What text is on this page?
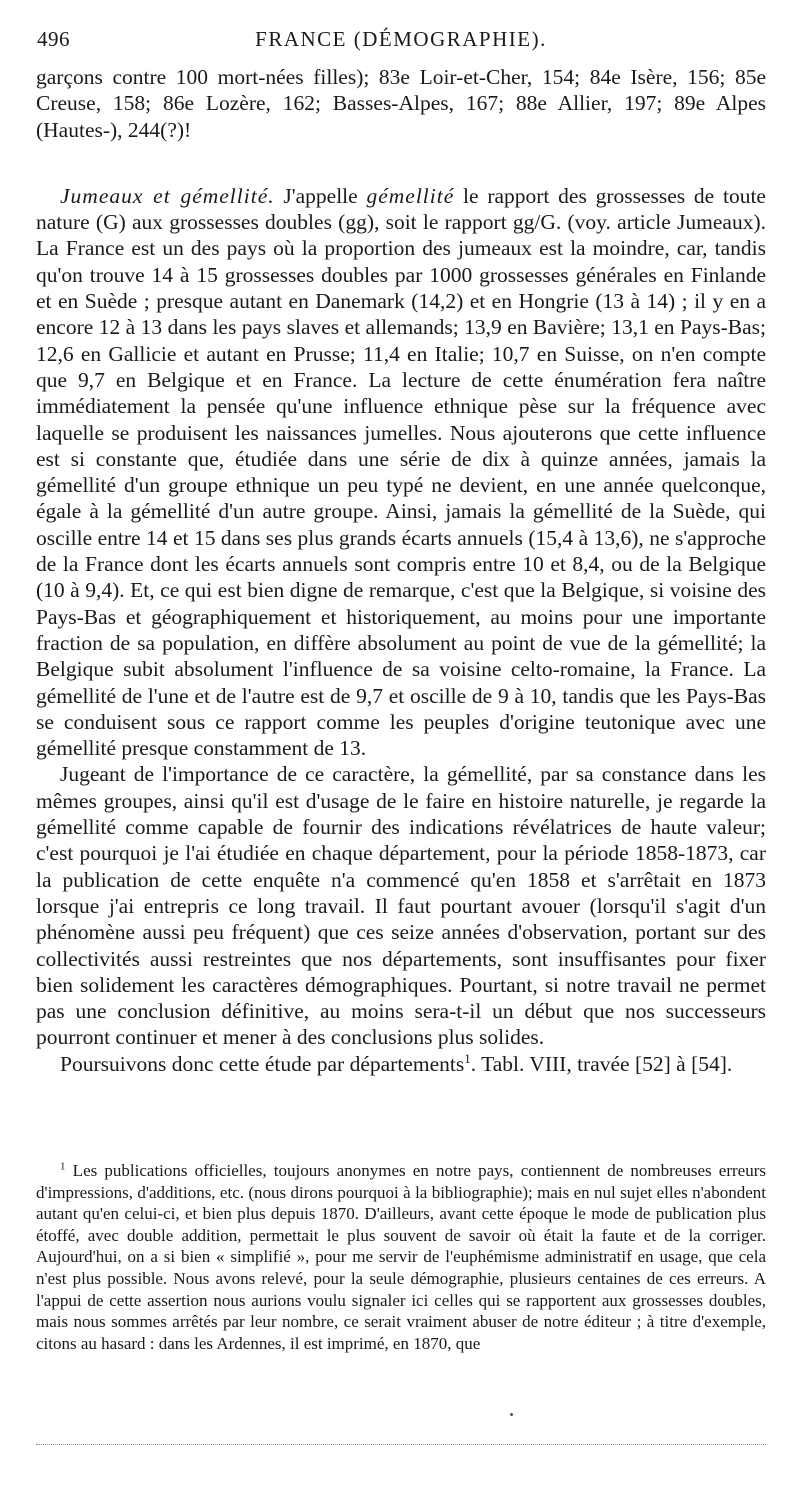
496	FRANCE (DÉMOGRAPHIE).

garçons contre 100 mort-nées filles); 83e Loir-et-Cher, 154; 84e Isère, 156; 85e Creuse, 158; 86e Lozère, 162; Basses-Alpes, 167; 88e Allier, 197; 89e Alpes (Hautes-), 244(?)!

Jumeaux et gémellité. J'appelle gémellité le rapport des grossesses de toute nature (G) aux grossesses doubles (gg), soit le rapport gg/G. (voy. article Jumeaux). La France est un des pays où la proportion des jumeaux est la moindre, car, tandis qu'on trouve 14 à 15 grossesses doubles par 1000 grossesses générales en Finlande et en Suède ; presque autant en Danemark (14,2) et en Hongrie (13 à 14) ; il y en a encore 12 à 13 dans les pays slaves et allemands; 13,9 en Bavière; 13,1 en Pays-Bas; 12,6 en Gallicie et autant en Prusse; 11,4 en Italie; 10,7 en Suisse, on n'en compte que 9,7 en Belgique et en France. La lecture de cette énumération fera naître immédiatement la pensée qu'une influence ethnique pèse sur la fréquence avec laquelle se produisent les naissances jumelles. Nous ajouterons que cette influence est si constante que, étudiée dans une série de dix à quinze années, jamais la gémellité d'un groupe ethnique un peu typé ne devient, en une année quelconque, égale à la gémellité d'un autre groupe. Ainsi, jamais la gémellité de la Suède, qui oscille entre 14 et 15 dans ses plus grands écarts annuels (15,4 à 13,6), ne s'approche de la France dont les écarts annuels sont compris entre 10 et 8,4, ou de la Belgique (10 à 9,4). Et, ce qui est bien digne de remarque, c'est que la Belgique, si voisine des Pays-Bas et géographiquement et historiquement, au moins pour une importante fraction de sa population, en diffère absolument au point de vue de la gémellité; la Belgique subit absolument l'influence de sa voisine celto-romaine, la France. La gémellité de l'une et de l'autre est de 9,7 et oscille de 9 à 10, tandis que les Pays-Bas se conduisent sous ce rapport comme les peuples d'origine teutonique avec une gémellité presque constamment de 13.

Jugeant de l'importance de ce caractère, la gémellité, par sa constance dans les mêmes groupes, ainsi qu'il est d'usage de le faire en histoire naturelle, je regarde la gémellité comme capable de fournir des indications révélatrices de haute valeur; c'est pourquoi je l'ai étudiée en chaque département, pour la période 1858-1873, car la publication de cette enquête n'a commencé qu'en 1858 et s'arrêtait en 1873 lorsque j'ai entrepris ce long travail. Il faut pourtant avouer (lorsqu'il s'agit d'un phénomène aussi peu fréquent) que ces seize années d'observation, portant sur des collectivités aussi restreintes que nos départements, sont insuffisantes pour fixer bien solidement les caractères démographiques. Pourtant, si notre travail ne permet pas une conclusion définitive, au moins sera-t-il un début que nos successeurs pourront continuer et mener à des conclusions plus solides.

Poursuivons donc cette étude par départements$^1$. Tabl. VIII, travée [52] à [54].

$^1$ Les publications officielles, toujours anonymes en notre pays, contiennent de nombreuses erreurs d'impressions, d'additions, etc. (nous dirons pourquoi à la bibliographie); mais en nul sujet elles n'abondent autant qu'en celui-ci, et bien plus depuis 1870. D'ailleurs, avant cette époque le mode de publication plus étoffé, avec double addition, permettait le plus souvent de savoir où était la faute et de la corriger. Aujourd'hui, on a si bien « simplifié », pour me servir de l'euphémisme administratif en usage, que cela n'est plus possible. Nous avons relevé, pour la seule démographie, plusieurs centaines de ces erreurs. A l'appui de cette assertion nous aurions voulu signaler ici celles qui se rapportent aux grossesses doubles, mais nous sommes arrêtés par leur nombre, ce serait vraiment abuser de notre éditeur ; à titre d'exemple, citons au hasard : dans les Ardennes, il est imprimé, en 1870, que
